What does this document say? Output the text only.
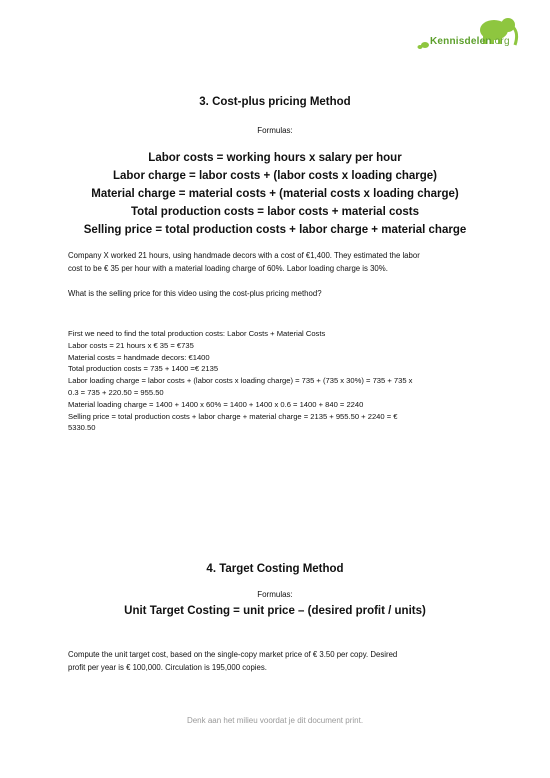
Kennisdelen.org
3. Cost-plus pricing Method
Formulas:
Labor costs = working hours x salary per hour
Labor charge = labor costs + (labor costs x loading charge)
Material charge = material costs + (material costs x loading charge)
Total production costs = labor costs + material costs
Selling price = total production costs + labor charge + material charge
Company X worked 21 hours, using handmade decors with a cost of €1,400. They estimated the labor
cost to be € 35 per hour with a material loading charge of 60%. Labor loading charge is 30%.
What is the selling price for this video using the cost-plus pricing method?
First we need to find the total production costs: Labor Costs + Material Costs
Labor costs = 21 hours x € 35 = €735
Material costs = handmade decors: €1400
Total production costs = 735 + 1400 =€ 2135
Labor loading charge = labor costs + (labor costs x loading charge) = 735 + (735 x 30%) = 735 + 735 x
0.3 = 735 + 220.50 = 955.50
Material loading charge = 1400 + 1400 x 60% = 1400 + 1400 x 0.6 = 1400 + 840 = 2240
Selling price = total production costs + labor charge + material charge = 2135 + 955.50 + 2240 = €
5330.50
4. Target Costing Method
Formulas:
Unit Target Costing = unit price – (desired profit / units)
Compute the unit target cost, based on the single-copy market price of € 3.50 per copy. Desired
profit per year is € 100,000. Circulation is 195,000 copies.
Denk aan het milieu voordat je dit document print.
